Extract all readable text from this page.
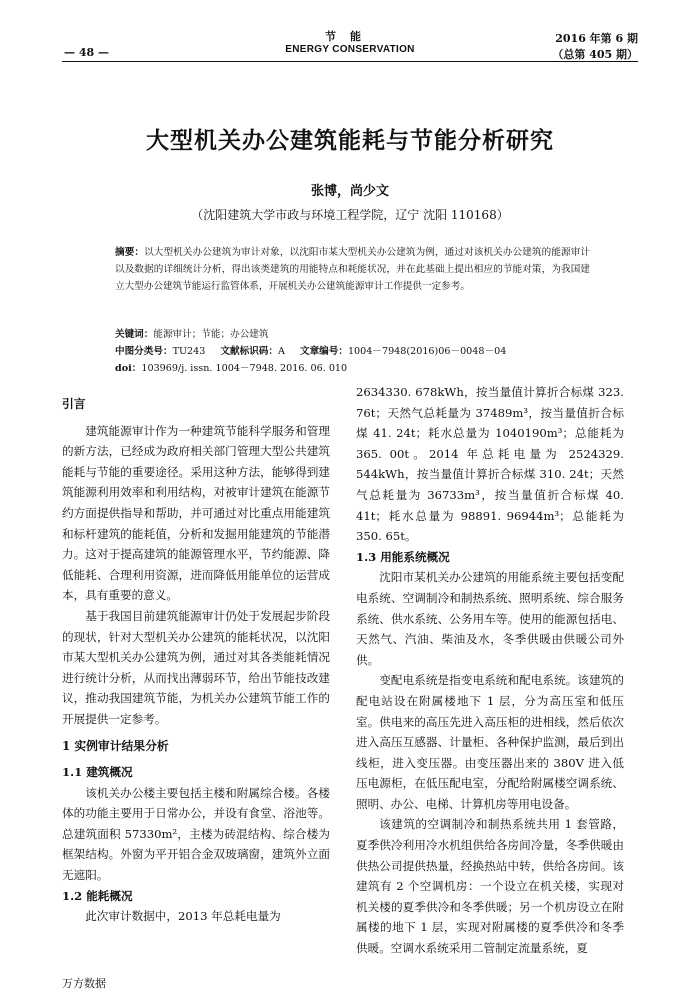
节能
ENERGY CONSERVATION
— 48 —
2016 年第 6 期
（总第 405 期）
大型机关办公建筑能耗与节能分析研究
张博，尚少文
（沈阳建筑大学市政与环境工程学院，辽宁 沈阳 110168）
摘要：以大型机关办公建筑为审计对象，以沈阳市某大型机关办公建筑为例，通过对该机关办公建筑的能源审计以及数据的详细统计分析，得出该类建筑的用能特点和耗能状况，并在此基础上提出相应的节能对策，为我国建立大型办公建筑节能运行监管体系，开展机关办公建筑能源审计工作提供一定参考。
关键词：能源审计；节能；办公建筑
中图分类号：TU243 文献标识码：A 文章编号：1004－7948(2016)06－0048－04
doi：103969/j. issn. 1004－7948. 2016. 06. 010

引言

建筑能源审计作为一种建筑节能科学服务和管理的新方法，已经成为政府相关部门管理大型公共建筑能耗与节能的重要途径。采用这种方法，能够得到建筑能源利用效率和利用结构，对被审计建筑在能源节约方面提供指导和帮助，并可通过对比重点用能建筑和标杆建筑的能耗值，分析和发掘用能建筑的节能潜力。这对于提高建筑的能源管理水平，节约能源、降低能耗、合理利用资源，进而降低用能单位的运营成本，具有重要的意义。

基于我国目前建筑能源审计仍处于发展起步阶段的现状，针对大型机关办公建筑的能耗状况，以沈阳市某大型机关办公建筑为例，通过对其各类能耗情况进行统计分析，从而找出薄弱环节，给出节能技改建议，推动我国建筑节能，为机关办公建筑节能工作的开展提供一定参考。

1 实例审计结果分析

1.1 建筑概况

该机关办公楼主要包括主楼和附属综合楼。各楼体的功能主要用于日常办公，并设有食堂、浴池等。总建筑面积 57330m²，主楼为砖混结构、综合楼为框架结构。外窗为平开铝合金双玻璃窗，建筑外立面无遮阳。

1.2 能耗概况

此次审计数据中，2013 年总耗电量为

2634330. 678kWh，按当量值计算折合标煤 323. 76t；天然气总耗量为 37489m³，按当量值折合标煤 41. 24t；耗水总量为 1040190m³；总能耗为 365. 00t。2014 年总耗电量为 2524329. 544kWh，按当量值计算折合标煤 310. 24t；天然气总耗量为 36733m³，按当量值折合标煤 40. 41t；耗水总量为 98891. 96944m³；总能耗为 350. 65t。

1.3 用能系统概况

沈阳市某机关办公建筑的用能系统主要包括变配电系统、空调制冷和制热系统、照明系统、综合服务系统、供水系统、公务用车等。使用的能源包括电、天然气、汽油、柴油及水，冬季供暖由供暖公司外供。

变配电系统是指变电系统和配电系统。该建筑的配电站设在附属楼地下 1 层，分为高压室和低压室。供电来的高压先进入高压柜的进相线，然后依次进入高压互感器、计量柜、各种保护监测，最后到出线柜，进入变压器。由变压器出来的 380V 进入低压电源柜，在低压配电室，分配给附属楼空调系统、照明、办公、电梯、计算机房等用电设备。

该建筑的空调制冷和制热系统共用 1 套管路，夏季供冷利用冷水机组供给各房间冷量，冬季供暖由供热公司提供热量，经换热站中转，供给各房间。该建筑有 2 个空调机房：一个设立在机关楼，实现对机关楼的夏季供冷和冬季供暖；另一个机房设立在附属楼的地下 1 层，实现对附属楼的夏季供冷和冬季供暖。空调水系统采用二管制定流量系统，夏

万方数据
